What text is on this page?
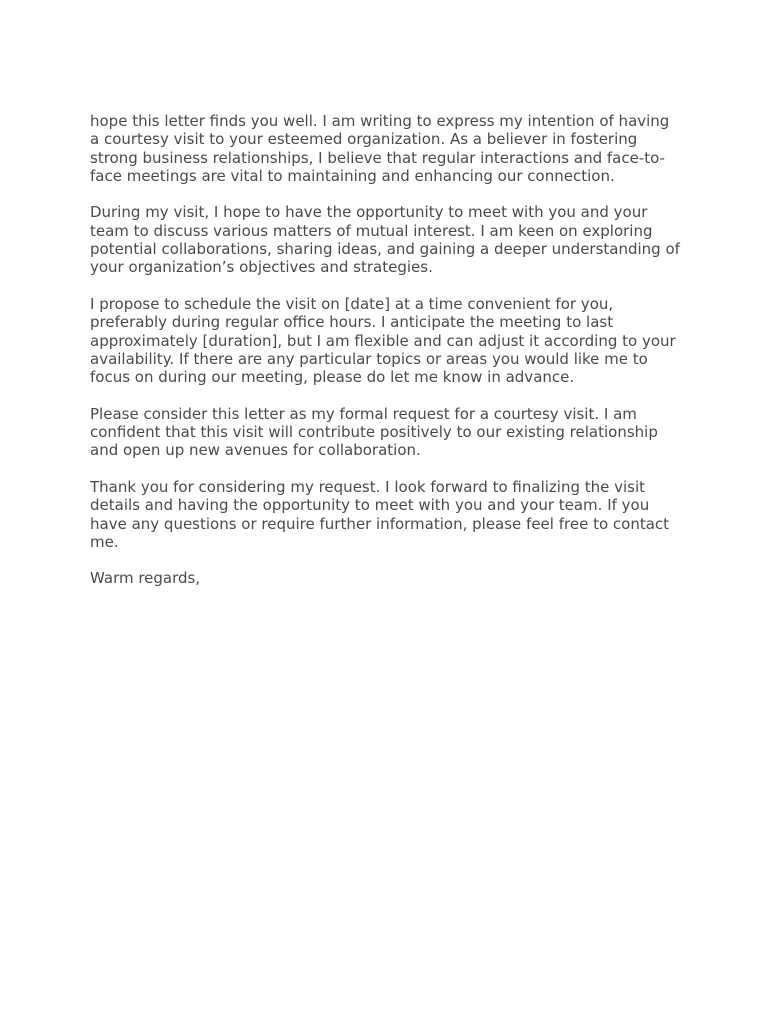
hope this letter finds you well. I am writing to express my intention of having a courtesy visit to your esteemed organization. As a believer in fostering strong business relationships, I believe that regular interactions and face-to-face meetings are vital to maintaining and enhancing our connection.

During my visit, I hope to have the opportunity to meet with you and your team to discuss various matters of mutual interest. I am keen on exploring potential collaborations, sharing ideas, and gaining a deeper understanding of your organization’s objectives and strategies.

I propose to schedule the visit on [date] at a time convenient for you, preferably during regular office hours. I anticipate the meeting to last approximately [duration], but I am flexible and can adjust it according to your availability. If there are any particular topics or areas you would like me to focus on during our meeting, please do let me know in advance.

Please consider this letter as my formal request for a courtesy visit. I am confident that this visit will contribute positively to our existing relationship and open up new avenues for collaboration.

Thank you for considering my request. I look forward to finalizing the visit details and having the opportunity to meet with you and your team. If you have any questions or require further information, please feel free to contact me.

Warm regards,
